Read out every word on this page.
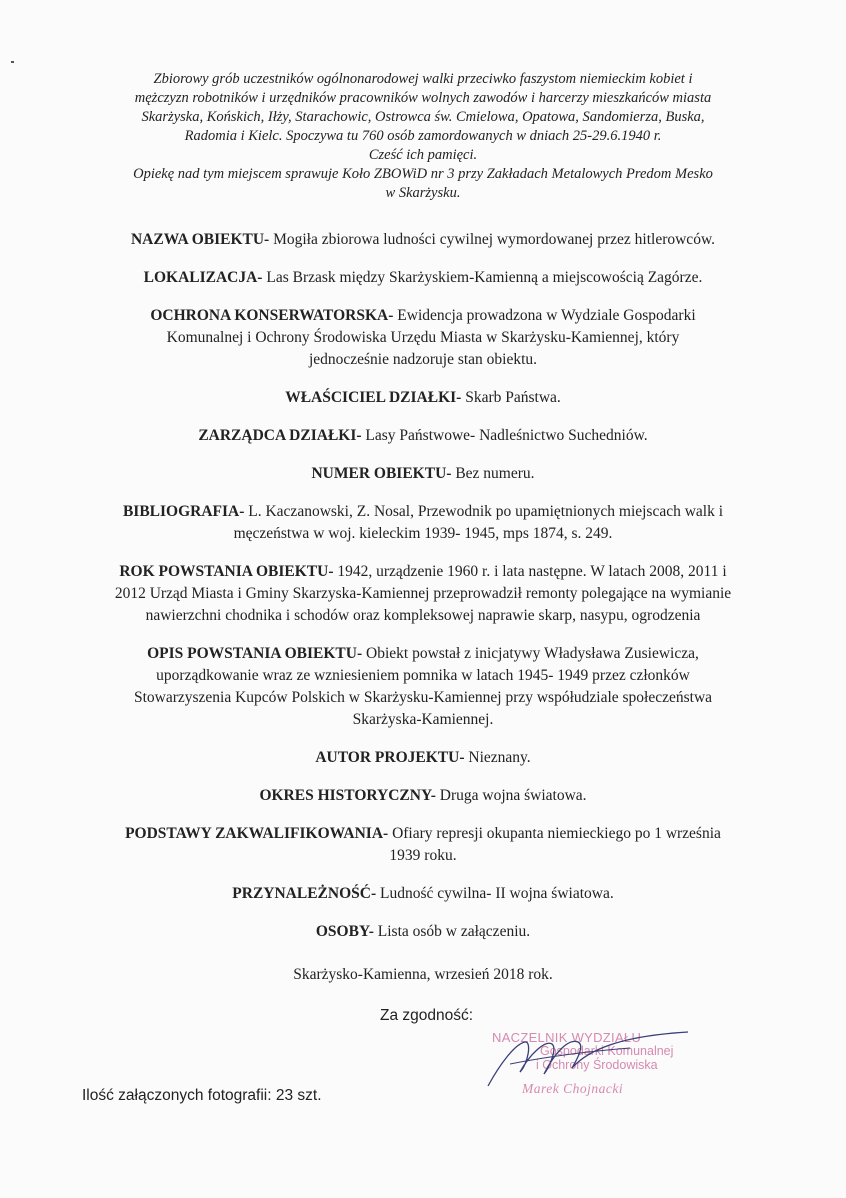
Zbiorowy grób uczestników ogólnonarodowej walki przeciwko faszystom niemieckim kobiet i
mężczyzn robotników i urzędników pracowników wolnych zawodów i harcerzy mieszkańców miasta
Skarżyska, Końskich, Iłży, Starachowic, Ostrowca św. Cmielowa, Opatowa, Sandomierza, Buska,
Radomia i Kielc. Spoczywa tu 760 osób zamordowanych w dniach 25-29.6.1940 r.
Cześć ich pamięci.
Opiekę nad tym miejscem sprawuje Koło ZBOWiD nr 3 przy Zakładach Metalowych Predom Mesko
w Skarżysku.

NAZWA OBIEKTU- Mogiła zbiorowa ludności cywilnej wymordowanej przez hitlerowców.

LOKALIZACJA- Las Brzask między Skarżyskiem-Kamienną a miejscowością Zagórze.

OCHRONA KONSERWATORSKA- Ewidencja prowadzona w Wydziale Gospodarki
Komunalnej i Ochrony Środowiska Urzędu Miasta w Skarżysku-Kamiennej, który
jednocześnie nadzoruje stan obiektu.

WŁAŚCICIEL DZIAŁKI- Skarb Państwa.

ZARZĄDCA DZIAŁKI- Lasy Państwowe- Nadleśnictwo Suchedniów.

NUMER OBIEKTU- Bez numeru.

BIBLIOGRAFIA- L. Kaczanowski, Z. Nosal, Przewodnik po upamiętnionych miejscach walk i
męczeństwa w woj. kieleckim 1939- 1945, mps 1874, s. 249.

ROK POWSTANIA OBIEKTU- 1942, urządzenie 1960 r. i lata następne. W latach 2008, 2011 i
2012 Urząd Miasta i Gminy Skarzyska-Kamiennej przeprowadził remonty polegające na wymianie
nawierzchni chodnika i schodów oraz kompleksowej naprawie skarp, nasypu, ogrodzenia

OPIS POWSTANIA OBIEKTU- Obiekt powstał z inicjatywy Władysława Zusiewicza,
uporządkowanie wraz ze wzniesieniem pomnika w latach 1945- 1949 przez członków
Stowarzyszenia Kupców Polskich w Skarżysku-Kamiennej przy współudziale społeczeństwa
Skarżyska-Kamiennej.

AUTOR PROJEKTU- Nieznany.

OKRES HISTORYCZNY- Druga wojna światowa.

PODSTAWY ZAKWALIFIKOWANIA- Ofiary represji okupanta niemieckiego po 1 września
1939 roku.

PRZYNALEŻNOŚĆ- Ludność cywilna- II wojna światowa.

OSOBY- Lista osób w załączeniu.

Skarżysko-Kamienna, wrzesień 2018 rok.
Za zgodność:
NACZELNIK WYDZIAŁU
Gospodarki Komunalnej
i Ochrony Środowiska
Marek Chojnacki
Ilość załączonych fotografii: 23 szt.
